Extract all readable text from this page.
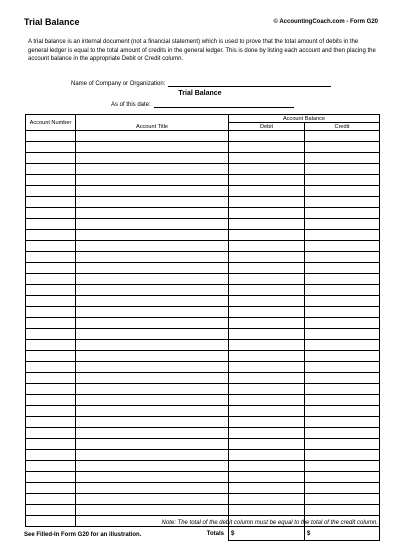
Trial Balance	© AccountingCoach.com - Form G20
A trial balance is an internal document (not a financial statement) which is used to prove that the total amount of debits in the general ledger is equal to the total amount of credits in the general ledger. This is done by listing each account and then placing the account balance in the appropriate Debit or Credit column.
Name of Company or Organization:
Trial Balance
As of this date:
Account Number	Account Title	Account Balance	
		Debit	Credit

	Totals	$	$
Note: The total of the debit column must be equal to the total of the credit column.
See Filled-In Form G20 for an illustration.
